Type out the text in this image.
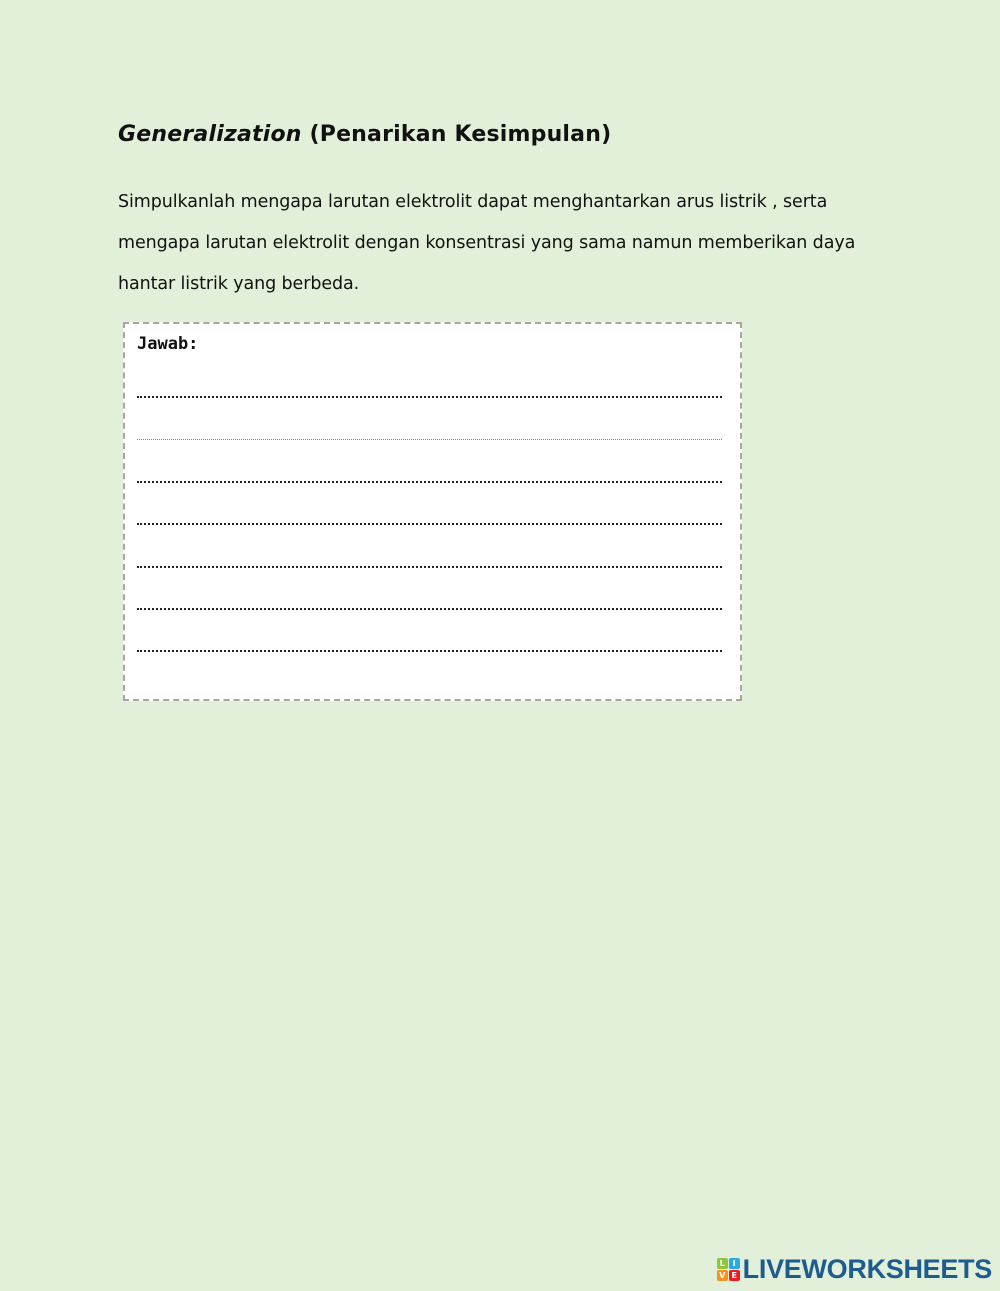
Generalization (Penarikan Kesimpulan)
Simpulkanlah mengapa larutan elektrolit dapat menghantarkan arus listrik , serta mengapa larutan elektrolit dengan konsentrasi yang sama namun memberikan daya hantar listrik yang berbeda.
Jawab:
L I
V E LIVEWORKSHEETS
